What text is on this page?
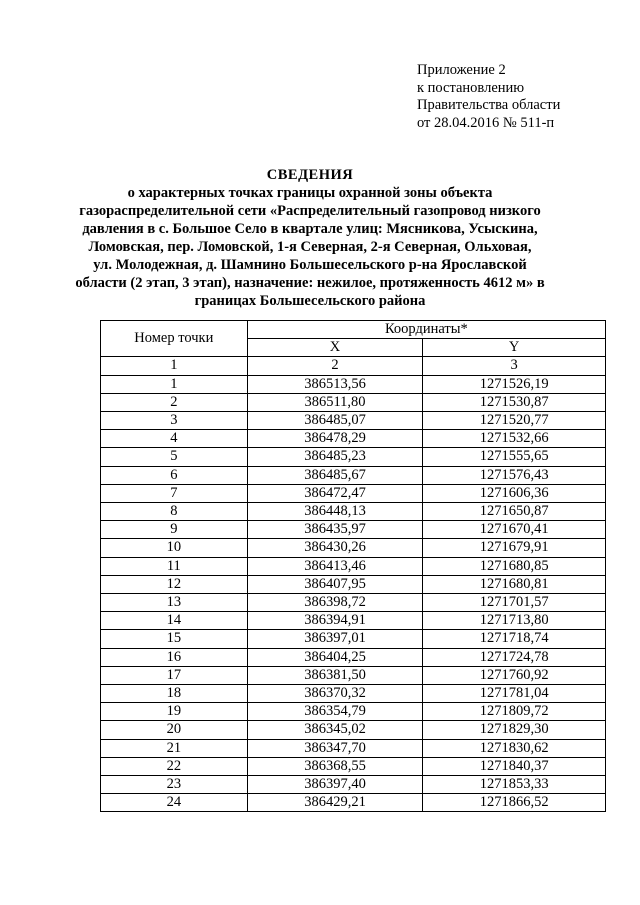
Приложение 2
к постановлению
Правительства области
от 28.04.2016 № 511-п
СВЕДЕНИЯ
о характерных точках границы охранной зоны объекта
газораспределительной сети «Распределительный газопровод низкого
давления в с. Большое Село в квартале улиц: Мясникова, Усыскина,
Ломовская, пер. Ломовской, 1-я Северная, 2-я Северная, Ольховая,
ул. Молодежная, д. Шамнино Большесельского р-на Ярославской
области (2 этап, 3 этап), назначение: нежилое, протяженность 4612 м» в
границах Большесельского района
Номер точки	Координаты*	
	X	Y
1	2	3
1	386513,56	1271526,19
2	386511,80	1271530,87
3	386485,07	1271520,77
4	386478,29	1271532,66
5	386485,23	1271555,65
6	386485,67	1271576,43
7	386472,47	1271606,36
8	386448,13	1271650,87
9	386435,97	1271670,41
10	386430,26	1271679,91
11	386413,46	1271680,85
12	386407,95	1271680,81
13	386398,72	1271701,57
14	386394,91	1271713,80
15	386397,01	1271718,74
16	386404,25	1271724,78
17	386381,50	1271760,92
18	386370,32	1271781,04
19	386354,79	1271809,72
20	386345,02	1271829,30
21	386347,70	1271830,62
22	386368,55	1271840,37
23	386397,40	1271853,33
24	386429,21	1271866,52
